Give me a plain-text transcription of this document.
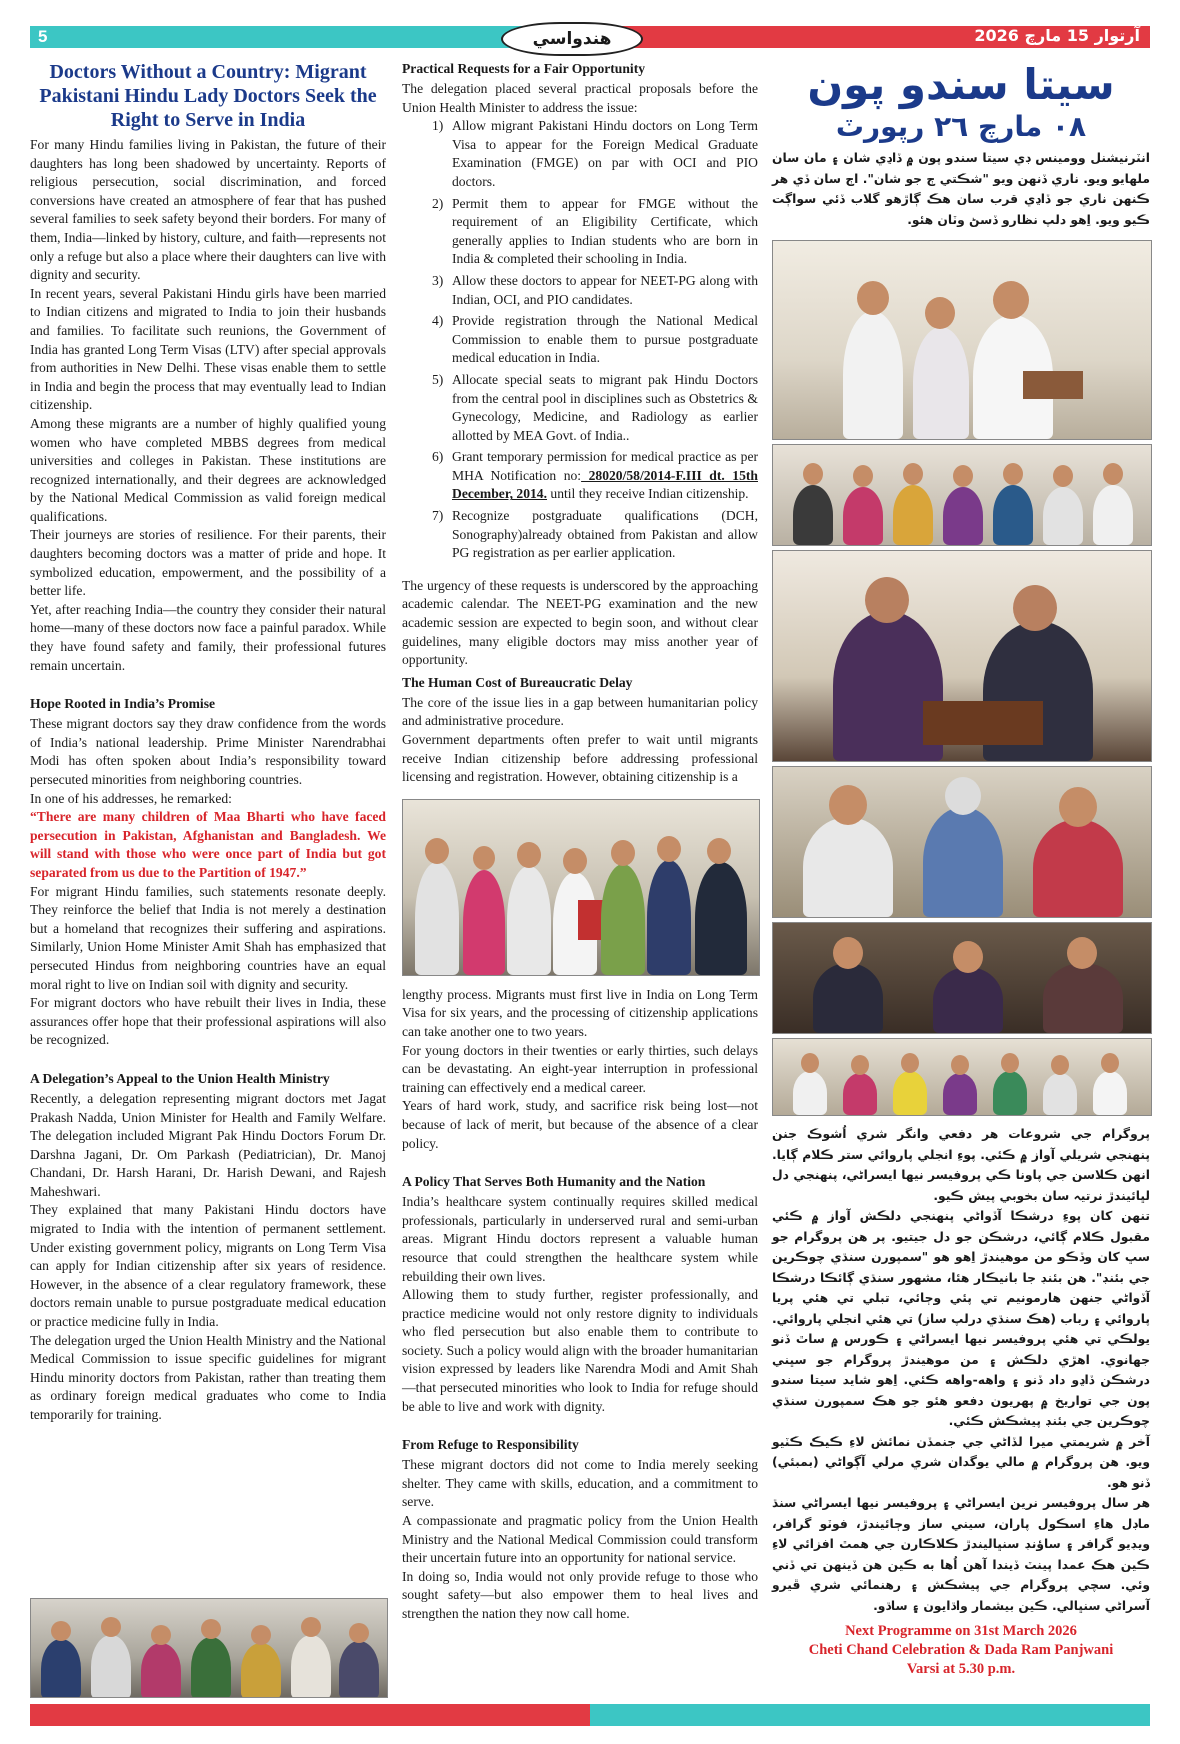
5	آرتوار 15 مارچ 2026
هندواسي
Doctors Without a Country: Migrant Pakistani Hindu Lady Doctors Seek the Right to Serve in India

For many Hindu families living in Pakistan, the future of their daughters has long been shadowed by uncertainty. Reports of religious persecution, social discrimination, and forced conversions have created an atmosphere of fear that has pushed several families to seek safety beyond their borders. For many of them, India—linked by history, culture, and faith—represents not only a refuge but also a place where their daughters can live with dignity and security.

In recent years, several Pakistani Hindu girls have been married to Indian citizens and migrated to India to join their husbands and families. To facilitate such reunions, the Government of India has granted Long Term Visas (LTV) after special approvals from authorities in New Delhi. These visas enable them to settle in India and begin the process that may eventually lead to Indian citizenship.

Among these migrants are a number of highly qualified young women who have completed MBBS degrees from medical universities and colleges in Pakistan. These institutions are recognized internationally, and their degrees are acknowledged by the National Medical Commission as valid foreign medical qualifications.

Their journeys are stories of resilience. For their parents, their daughters becoming doctors was a matter of pride and hope. It symbolized education, empowerment, and the possibility of a better life.

Yet, after reaching India—the country they consider their natural home—many of these doctors now face a painful paradox. While they have found safety and family, their professional futures remain uncertain.

Hope Rooted in India’s Promise

These migrant doctors say they draw confidence from the words of India’s national leadership. Prime Minister Narendrabhai Modi has often spoken about India’s responsibility toward persecuted minorities from neighboring countries.

In one of his addresses, he remarked:

“There are many children of Maa Bharti who have faced persecution in Pakistan, Afghanistan and Bangladesh. We will stand with those who were once part of India but got separated from us due to the Partition of 1947.”

For migrant Hindu families, such statements resonate deeply. They reinforce the belief that India is not merely a destination but a homeland that recognizes their suffering and aspirations. Similarly, Union Home Minister Amit Shah has emphasized that persecuted Hindus from neighboring countries have an equal moral right to live on Indian soil with dignity and security.

For migrant doctors who have rebuilt their lives in India, these assurances offer hope that their professional aspirations will also be recognized.

A Delegation’s Appeal to the Union Health Ministry

Recently, a delegation representing migrant doctors met Jagat Prakash Nadda, Union Minister for Health and Family Welfare. The delegation included Migrant Pak Hindu Doctors Forum Dr. Darshna Jagani, Dr. Om Parkash (Pediatrician), Dr. Manoj Chandani, Dr. Harsh Harani, Dr. Harish Dewani, and Rajesh Maheshwari.

They explained that many Pakistani Hindu doctors have migrated to India with the intention of permanent settlement. Under existing government policy, migrants on Long Term Visa can apply for Indian citizenship after six years of residence. However, in the absence of a clear regulatory framework, these doctors remain unable to pursue postgraduate medical education or practice medicine fully in India.

The delegation urged the Union Health Ministry and the National Medical Commission to issue specific guidelines for migrant Hindu minority doctors from Pakistan, rather than treating them as ordinary foreign medical graduates who come to India temporarily for training.

Practical Requests for a Fair Opportunity

The delegation placed several practical proposals before the Union Health Minister to address the issue:

1) Allow migrant Pakistani Hindu doctors on Long Term Visa to appear for the Foreign Medical Graduate Examination (FMGE) on par with OCI and PIO doctors.
2) Permit them to appear for FMGE without the requirement of an Eligibility Certificate, which generally applies to Indian students who are born in India & completed their schooling in India.
3) Allow these doctors to appear for NEET-PG along with Indian, OCI, and PIO candidates.
4) Provide registration through the National Medical Commission to enable them to pursue postgraduate medical education in India.
5) Allocate special seats to migrant pak Hindu Doctors from the central pool in disciplines such as Obstetrics & Gynecology, Medicine, and Radiology as earlier allotted by MEA Govt. of India..
6) Grant temporary permission for medical practice as per MHA Notification no: 28020/58/2014-F.III dt. 15th December, 2014. until they receive Indian citizenship.
7) Recognize postgraduate qualifications (DCH, Sonography)already obtained from Pakistan and allow PG registration as per earlier application.

The urgency of these requests is underscored by the approaching academic calendar. The NEET-PG examination and the new academic session are expected to begin soon, and without clear guidelines, many eligible doctors may miss another year of opportunity.

The Human Cost of Bureaucratic Delay

The core of the issue lies in a gap between humanitarian policy and administrative procedure.

Government departments often prefer to wait until migrants receive Indian citizenship before addressing professional licensing and registration. However, obtaining citizenship is a

lengthy process. Migrants must first live in India on Long Term Visa for six years, and the processing of citizenship applications can take another one to two years.

For young doctors in their twenties or early thirties, such delays can be devastating. An eight-year interruption in professional training can effectively end a medical career.

Years of hard work, study, and sacrifice risk being lost—not because of lack of merit, but because of the absence of a clear policy.

A Policy That Serves Both Humanity and the Nation

India’s healthcare system continually requires skilled medical professionals, particularly in underserved rural and semi-urban areas. Migrant Hindu doctors represent a valuable human resource that could strengthen the healthcare system while rebuilding their own lives.

Allowing them to study further, register professionally, and practice medicine would not only restore dignity to individuals who fled persecution but also enable them to contribute to society. Such a policy would align with the broader humanitarian vision expressed by leaders like Narendra Modi and Amit Shah—that persecuted minorities who look to India for refuge should be able to live and work with dignity.

From Refuge to Responsibility

These migrant doctors did not come to India merely seeking shelter. They came with skills, education, and a commitment to serve.

A compassionate and pragmatic policy from the Union Health Ministry and the National Medical Commission could transform their uncertain future into an opportunity for national service.

In doing so, India would not only provide refuge to those who sought safety—but also empower them to heal lives and strengthen the nation they now call home.

سيتا سندو پون
٠٨ مارچ ٢٦ رپورٽ

انٽرنيشنل وومينس ڊي سيتا سندو پون ۾ ڏاڍي شان ۽ مان سان ملهايو ويو. ناري ڏنهن ويو "شڪتي ڄ جو شان". اڄ سان ڏي هر ڪنهن ناري جو ڏاڍي قرب سان هڪ ڳاڙهو گلاب ڏئي سواڳت ڪيو ويو. اِهو دلپ نظارو ڏسڻ وٽان هئو.

پروگرام جي شروعات هر دفعي وانگر شري اُشوڪ جنن پنهنجي شريلي آواز ۾ ڪئي. پوءِ انجلي پاروائي ستر ڪلام ڳايا. انهن ڪلاسن جي پاونا ڪي پروفيسر نيها ايسراڻي، پنهنجي دل لڀائيندڙ نرتيہ سان بخوبي پيش ڪيو.

تنهن کان پوءِ درشڪا آڏواڻي پنهنجي دلڪش آواز ۾ ڪئي مقبول ڪلام ڳائي، درشڪن جو دل جيتيو. پر هن پروگرام جو سڀ کان وڏڪو من موهيندڙ اِهو هو "سمپورن سنڌي چوڪرين جي بئنڊ". هن بئنڊ جا بانيڪار هئا، مشهور سنڌي ڳائڪا درشڪا آڏواڻي جنهن هارمونيم تي پئي وڄائي، تبلي تي هئي پريا پاروائي ۽ رباب (هڪ سنڌي درلپ ساز) تي هئي انجلي پاروائي. يولڪي تي هئي پروفيسر نيها ايسراڻي ۽ ڪورس ۾ ساٿ ڏنو جهانوي. اهڙي دلڪش ۽ من موهيندڙ پروگرام جو سڀني درشڪن ڏاڍو داد ڏنو ۽ واهه-واهه ڪئي. اِهو شايد سيتا سندو پون جي تواريخ ۾ پهريون دفعو هئو جو هڪ سمپورن سنڌي چوڪرين جي بئنڊ پيشڪش ڪئي.

آخر ۾ شريمتي ميرا لڏاڻي جي جنمڏن نمائش لاءِ ڪيڪ ڪٽيو ويو. هن پروگرام ۾ مالي يوگدان شري مرلي آڳواڻي (بمبئي) ڏنو هو.

هر سال پروفيسر نرين ايسراڻي ۽ پروفيسر نيها ايسراڻي سنڌ ماڊل هاءِ اسڪول پاران، سيني ساز وڄائيندڙ، فوٽو گرافر، ويڊيو گرافر ۽ ساؤنڊ سنڀاليندڙ ڪلاڪارن جي همٿ افزائي لاءِ ڪين هڪ عمدا پينٽ ڏيندا آهن اُها به ڪين هن ڏينهن تي ڏني وئي. سچي پروگرام جي پيشڪش ۽ رهنمائي شري ڦيرو آسراڻي سنڀالي. ڪين بيشمار واڌايون ۽ ساڌو.

Next Programme on 31st March 2026
Cheti Chand Celebration & Dada Ram Panjwani
Varsi at 5.30 p.m.
